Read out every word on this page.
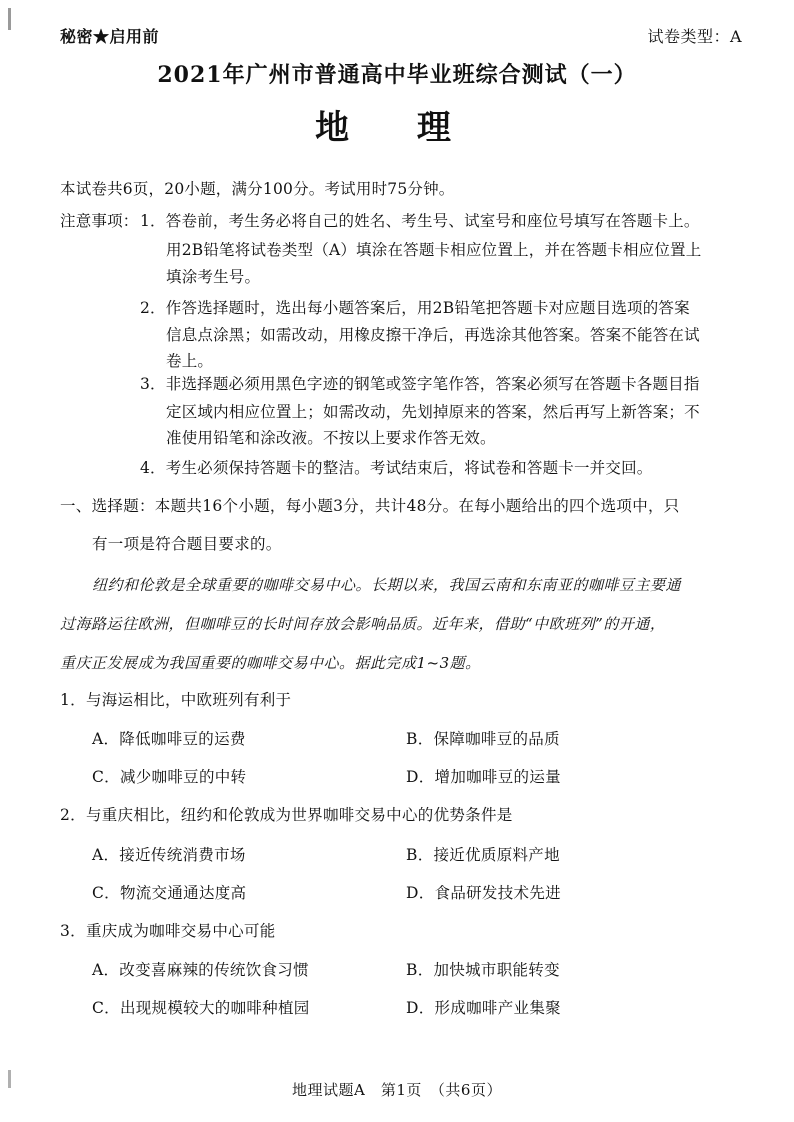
秘密★启用前	试卷类型：A
2021年广州市普通高中毕业班综合测试（一）
地 理
本试卷共6页，20小题，满分100分。考试用时75分钟。
注意事项： 1．答卷前，考生务必将自己的姓名、考生号、试室号和座位号填写在答题卡上。
用2B铅笔将试卷类型（A）填涂在答题卡相应位置上，并在答题卡相应位置上
填涂考生号。
2．作答选择题时，选出每小题答案后，用2B铅笔把答题卡对应题目选项的答案
信息点涂黑；如需改动，用橡皮擦干净后，再选涂其他答案。答案不能答在试
卷上。
3．非选择题必须用黑色字迹的钢笔或签字笔作答，答案必须写在答题卡各题目指
定区域内相应位置上；如需改动，先划掉原来的答案，然后再写上新答案；不
准使用铅笔和涂改液。不按以上要求作答无效。
4．考生必须保持答题卡的整洁。考试结束后，将试卷和答题卡一并交回。
一、选择题：本题共16个小题，每小题3分，共计48分。在每小题给出的四个选项中，只
有一项是符合题目要求的。
纽约和伦敦是全球重要的咖啡交易中心。长期以来，我国云南和东南亚的咖啡豆主要通
过海路运往欧洲，但咖啡豆的长时间存放会影响品质。近年来，借助“中欧班列”的开通，
重庆正发展成为我国重要的咖啡交易中心。据此完成1~3题。
1．与海运相比，中欧班列有利于
A．降低咖啡豆的运费	B．保障咖啡豆的品质
C．减少咖啡豆的中转	D．增加咖啡豆的运量
2．与重庆相比，纽约和伦敦成为世界咖啡交易中心的优势条件是
A．接近传统消费市场	B．接近优质原料产地
C．物流交通通达度高	D．食品研发技术先进
3．重庆成为咖啡交易中心可能
A．改变喜麻辣的传统饮食习惯	B．加快城市职能转变
C．出现规模较大的咖啡种植园	D．形成咖啡产业集聚
地理试题A　第1页　（共6页）
